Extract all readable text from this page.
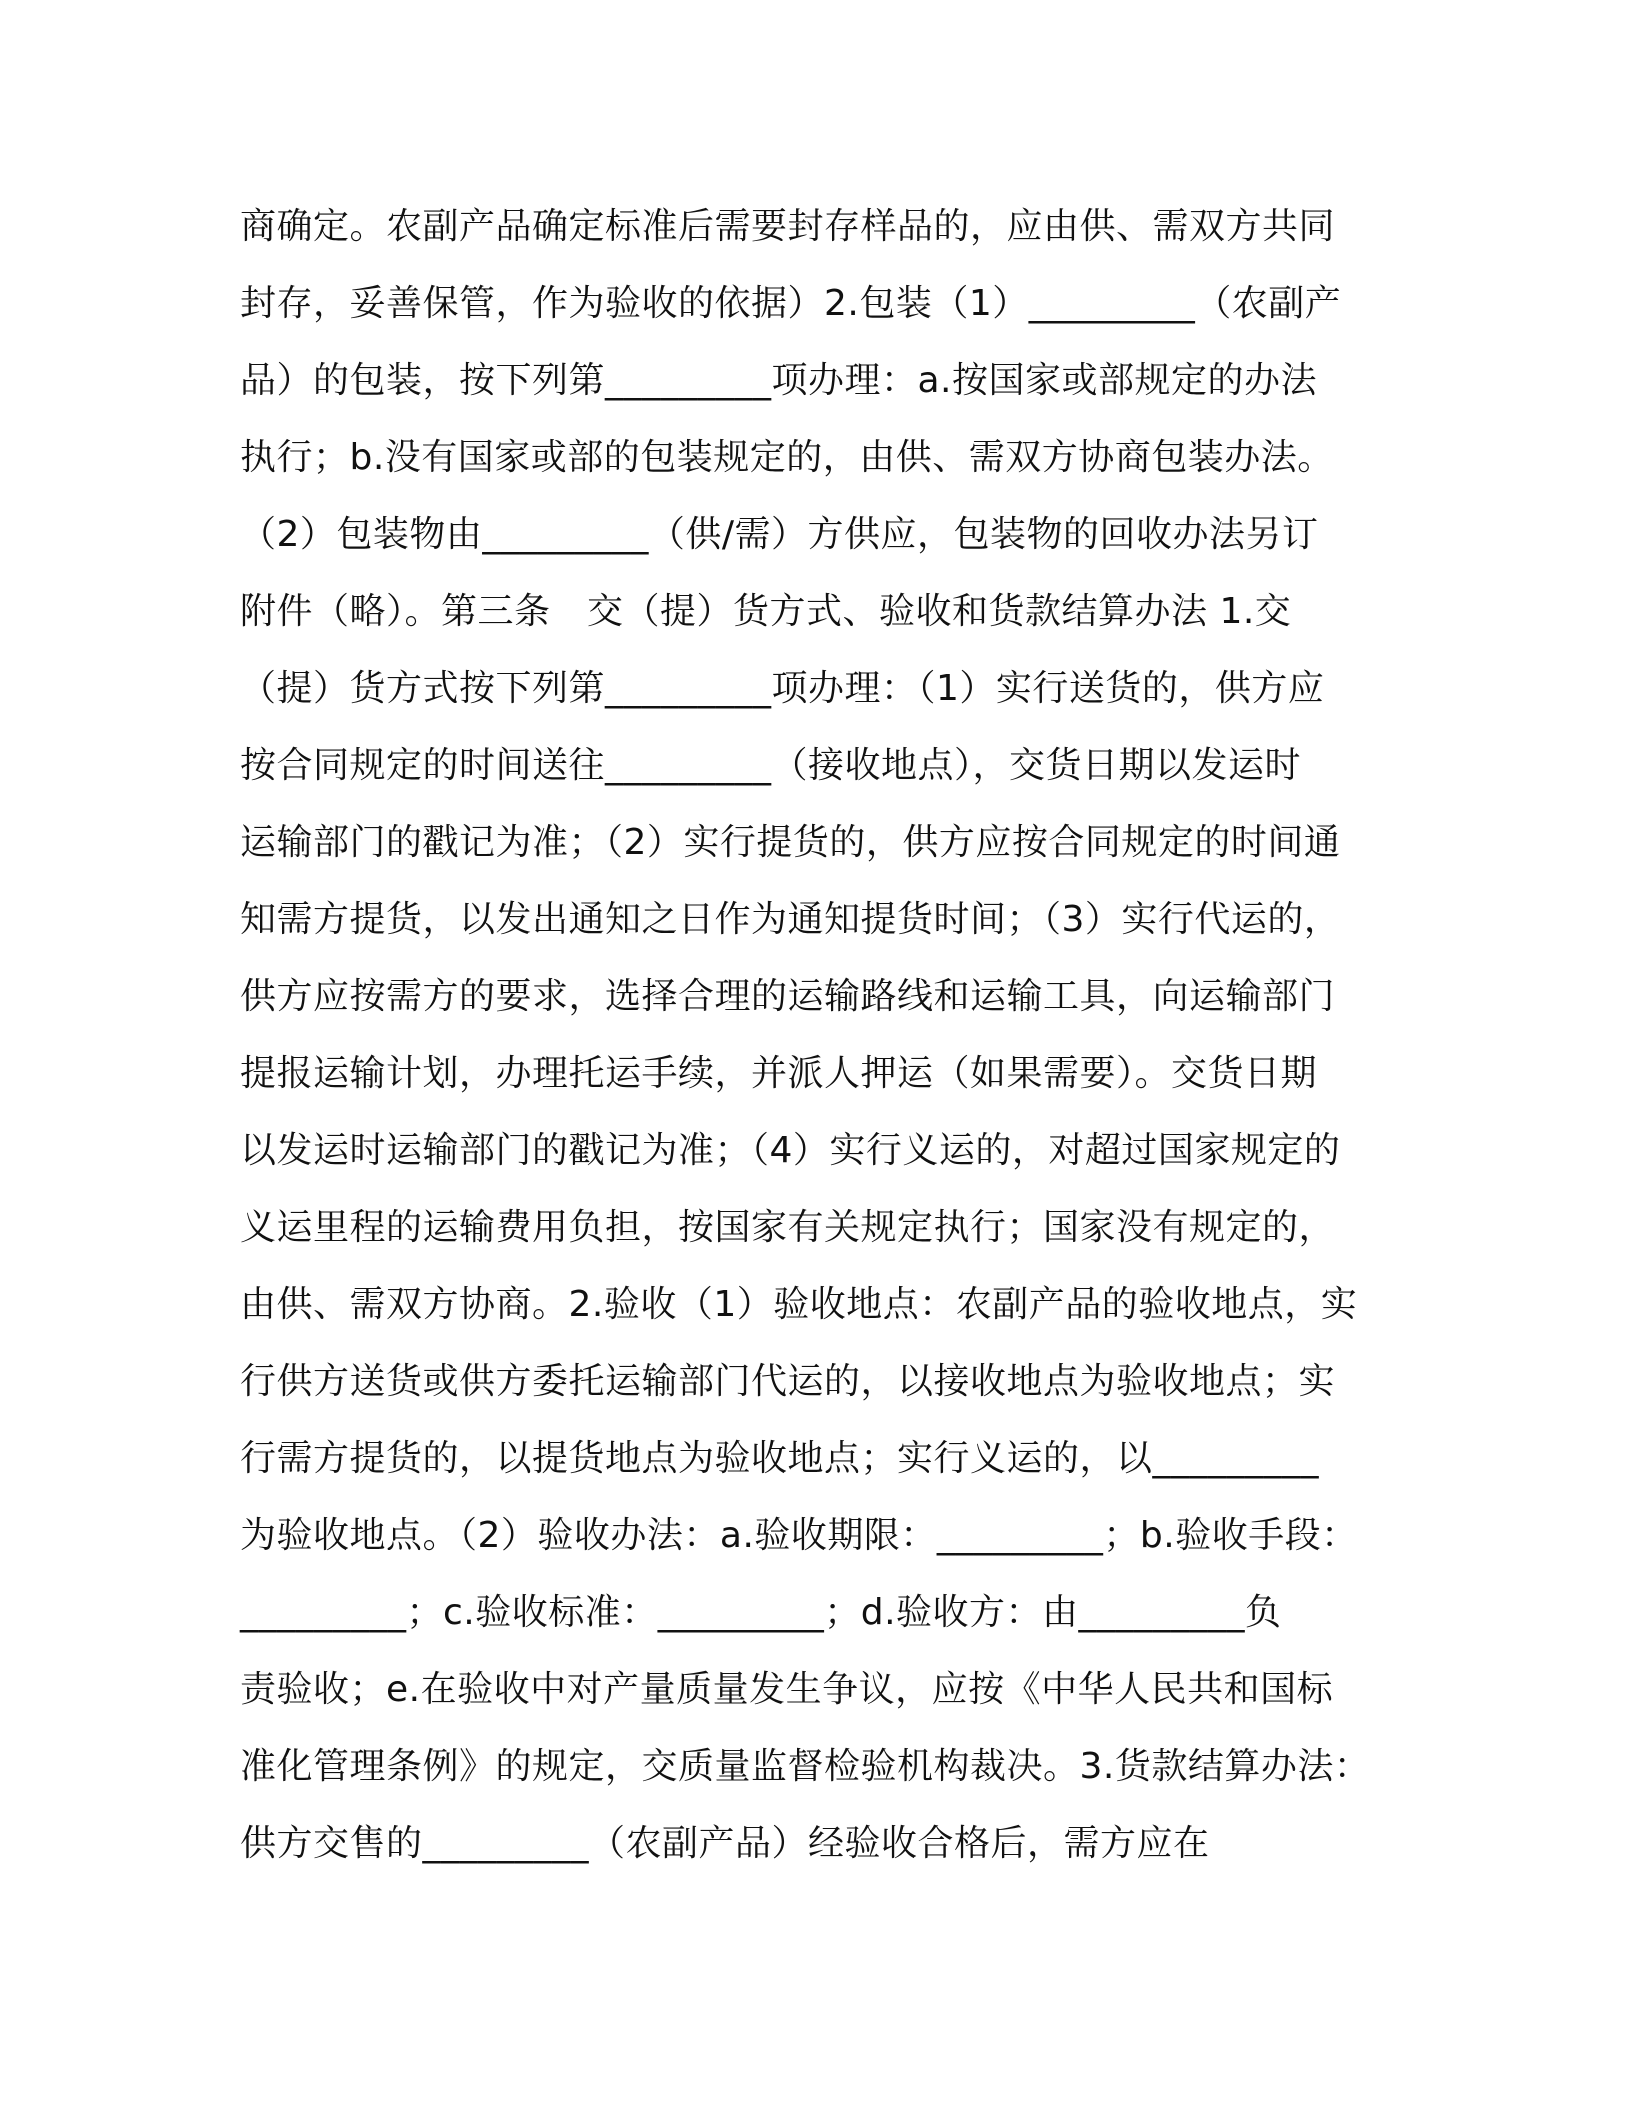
商确定。农副产品确定标准后需要封存样品的，应由供、需双方共同
封存，妥善保管，作为验收的依据）2.包装（1）_________（农副产
品）的包装，按下列第_________项办理：a.按国家或部规定的办法
执行；b.没有国家或部的包装规定的，由供、需双方协商包装办法。
（2）包装物由_________（供/需）方供应，包装物的回收办法另订
附件（略）。第三条　交（提）货方式、验收和货款结算办法 1.交
（提）货方式按下列第_________项办理：（1）实行送货的，供方应
按合同规定的时间送往_________（接收地点），交货日期以发运时
运输部门的戳记为准；（2）实行提货的，供方应按合同规定的时间通
知需方提货，以发出通知之日作为通知提货时间；（3）实行代运的，
供方应按需方的要求，选择合理的运输路线和运输工具，向运输部门
提报运输计划，办理托运手续，并派人押运（如果需要）。交货日期
以发运时运输部门的戳记为准；（4）实行义运的，对超过国家规定的
义运里程的运输费用负担，按国家有关规定执行；国家没有规定的，
由供、需双方协商。2.验收（1）验收地点：农副产品的验收地点，实
行供方送货或供方委托运输部门代运的，以接收地点为验收地点；实
行需方提货的，以提货地点为验收地点；实行义运的，以_________
为验收地点。（2）验收办法：a.验收期限：_________；b.验收手段：
_________；c.验收标准：_________；d.验收方：由_________负
责验收；e.在验收中对产量质量发生争议，应按《中华人民共和国标
准化管理条例》的规定，交质量监督检验机构裁决。3.货款结算办法：
供方交售的_________（农副产品）经验收合格后，需方应在
